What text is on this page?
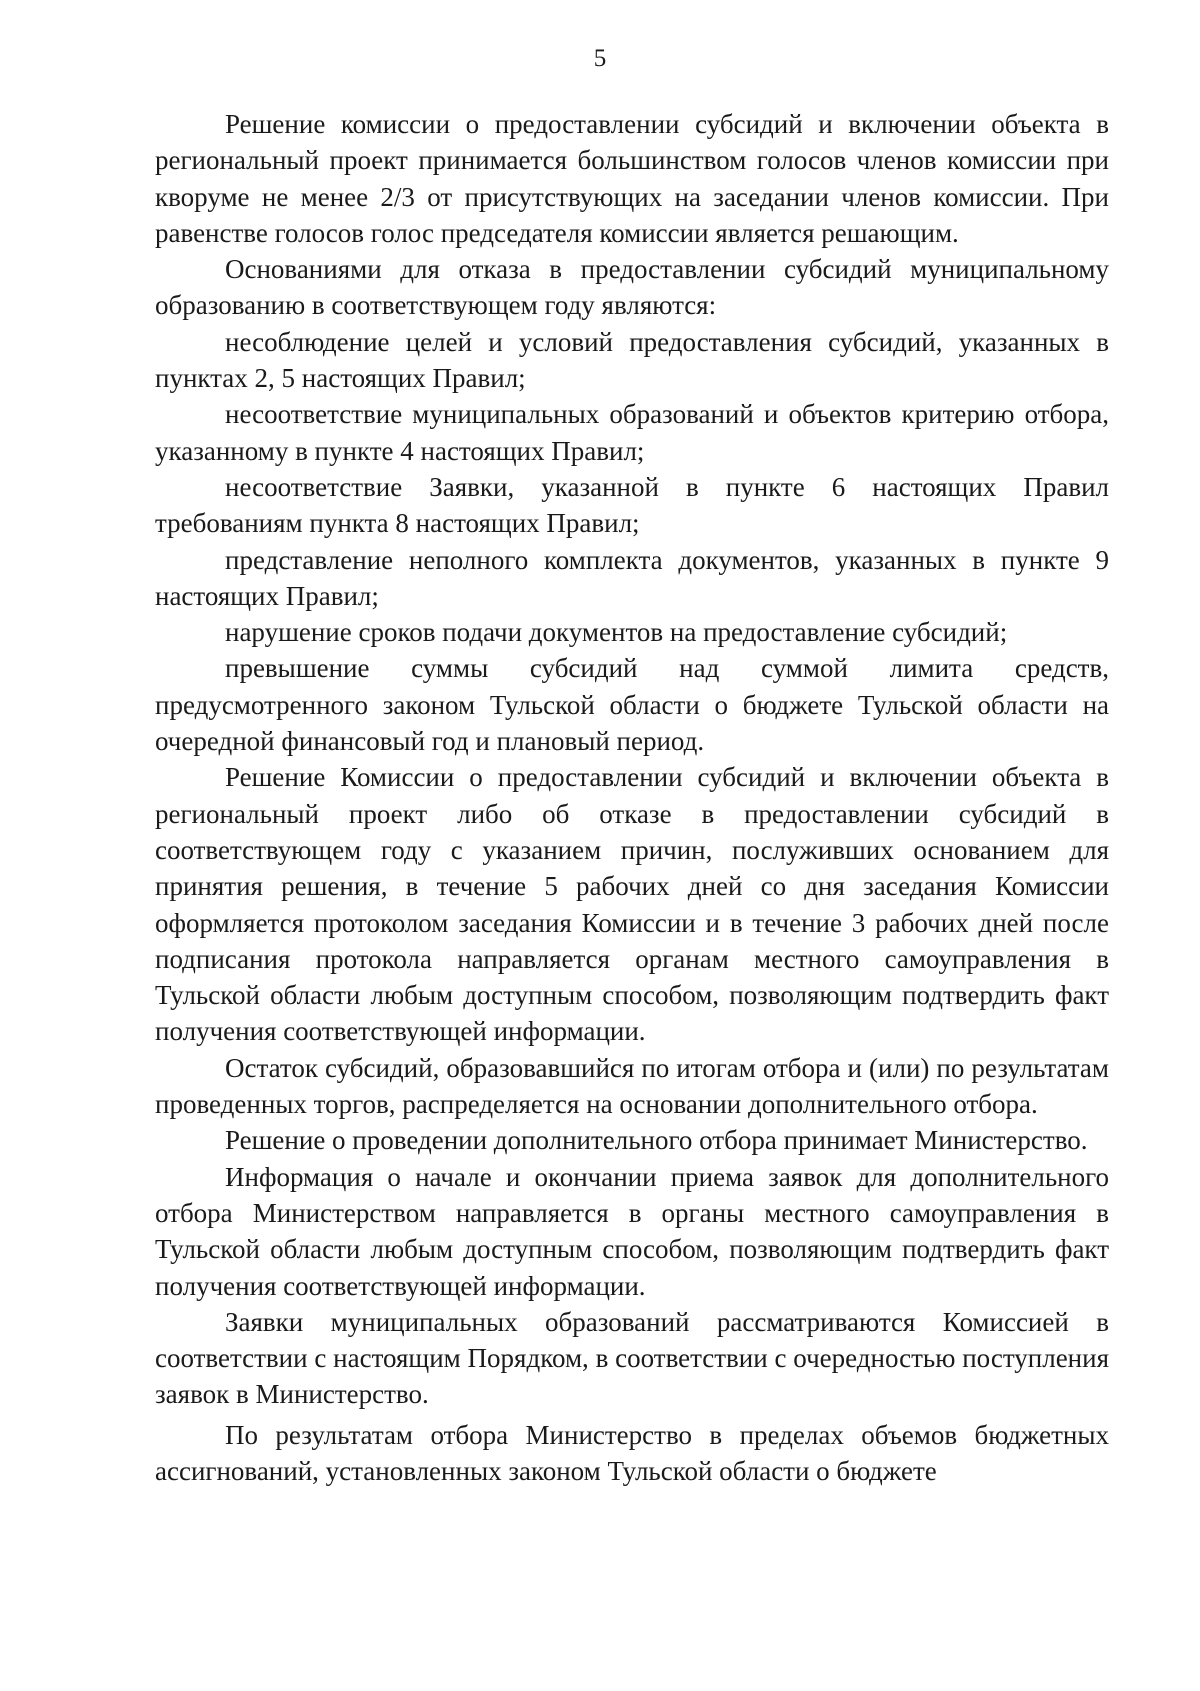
5

Решение комиссии о предоставлении субсидий и включении объекта в региональный проект принимается большинством голосов членов комиссии при кворуме не менее 2/3 от присутствующих на заседании членов комиссии. При равенстве голосов голос председателя комиссии является решающим.

Основаниями для отказа в предоставлении субсидий муниципальному образованию в соответствующем году являются:

несоблюдение целей и условий предоставления субсидий, указанных в пунктах 2, 5 настоящих Правил;

несоответствие муниципальных образований и объектов критерию отбора, указанному в пункте 4 настоящих Правил;

несоответствие Заявки, указанной в пункте 6 настоящих Правил требованиям пункта 8 настоящих Правил;

представление неполного комплекта документов, указанных в пункте 9 настоящих Правил;

нарушение сроков подачи документов на предоставление субсидий;

превышение суммы субсидий над суммой лимита средств, предусмотренного законом Тульской области о бюджете Тульской области на очередной финансовый год и плановый период.

Решение Комиссии о предоставлении субсидий и включении объекта в региональный проект либо об отказе в предоставлении субсидий в соответствующем году с указанием причин, послуживших основанием для принятия решения, в течение 5 рабочих дней со дня заседания Комиссии оформляется протоколом заседания Комиссии и в течение 3 рабочих дней после подписания протокола направляется органам местного самоуправления в Тульской области любым доступным способом, позволяющим подтвердить факт получения соответствующей информации.

Остаток субсидий, образовавшийся по итогам отбора и (или) по результатам проведенных торгов, распределяется на основании дополнительного отбора.

Решение о проведении дополнительного отбора принимает Министерство.

Информация о начале и окончании приема заявок для дополнительного отбора Министерством направляется в органы местного самоуправления в Тульской области любым доступным способом, позволяющим подтвердить факт получения соответствующей информации.

Заявки муниципальных образований рассматриваются Комиссией в соответствии с настоящим Порядком, в соответствии с очередностью поступления заявок в Министерство.

По результатам отбора Министерство в пределах объемов бюджетных ассигнований, установленных законом Тульской области о бюджете
